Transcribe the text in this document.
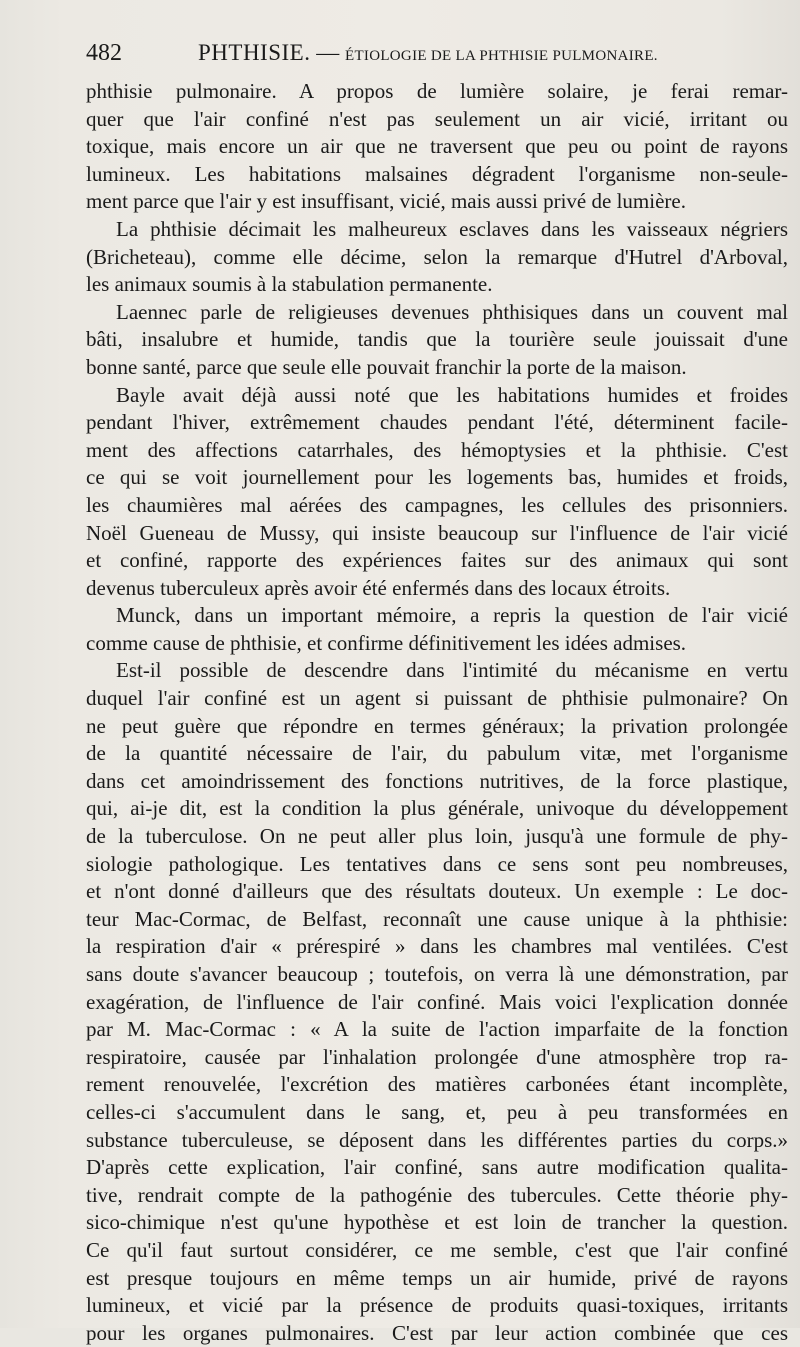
482	PHTHISIE. — ÉTIOLOGIE DE LA PHTHISIE PULMONAIRE.
phthisie pulmonaire. A propos de lumière solaire, je ferai remar-
quer que l'air confiné n'est pas seulement un air vicié, irritant ou
toxique, mais encore un air que ne traversent que peu ou point de rayons
lumineux. Les habitations malsaines dégradent l'organisme non-seule-
ment parce que l'air y est insuffisant, vicié, mais aussi privé de lumière.
La phthisie décimait les malheureux esclaves dans les vaisseaux négriers
(Bricheteau), comme elle décime, selon la remarque d'Hutrel d'Arboval,
les animaux soumis à la stabulation permanente.
Laennec parle de religieuses devenues phthisiques dans un couvent mal
bâti, insalubre et humide, tandis que la tourière seule jouissait d'une
bonne santé, parce que seule elle pouvait franchir la porte de la maison.
Bayle avait déjà aussi noté que les habitations humides et froides
pendant l'hiver, extrêmement chaudes pendant l'été, déterminent facile-
ment des affections catarrhales, des hémoptysies et la phthisie. C'est
ce qui se voit journellement pour les logements bas, humides et froids,
les chaumières mal aérées des campagnes, les cellules des prisonniers.
Noël Gueneau de Mussy, qui insiste beaucoup sur l'influence de l'air vicié
et confiné, rapporte des expériences faites sur des animaux qui sont
devenus tuberculeux après avoir été enfermés dans des locaux étroits.
Munck, dans un important mémoire, a repris la question de l'air vicié
comme cause de phthisie, et confirme définitivement les idées admises.
Est-il possible de descendre dans l'intimité du mécanisme en vertu
duquel l'air confiné est un agent si puissant de phthisie pulmonaire? On
ne peut guère que répondre en termes généraux; la privation prolongée
de la quantité nécessaire de l'air, du pabulum vitæ, met l'organisme
dans cet amoindrissement des fonctions nutritives, de la force plastique,
qui, ai-je dit, est la condition la plus générale, univoque du développement
de la tuberculose. On ne peut aller plus loin, jusqu'à une formule de phy-
siologie pathologique. Les tentatives dans ce sens sont peu nombreuses,
et n'ont donné d'ailleurs que des résultats douteux. Un exemple : Le doc-
teur Mac-Cormac, de Belfast, reconnaît une cause unique à la phthisie:
la respiration d'air « prérespiré » dans les chambres mal ventilées. C'est
sans doute s'avancer beaucoup ; toutefois, on verra là une démonstration, par
exagération, de l'influence de l'air confiné. Mais voici l'explication donnée
par M. Mac-Cormac : « A la suite de l'action imparfaite de la fonction
respiratoire, causée par l'inhalation prolongée d'une atmosphère trop ra-
rement renouvelée, l'excrétion des matières carbonées étant incomplète,
celles-ci s'accumulent dans le sang, et, peu à peu transformées en
substance tuberculeuse, se déposent dans les différentes parties du corps.»
D'après cette explication, l'air confiné, sans autre modification qualita-
tive, rendrait compte de la pathogénie des tubercules. Cette théorie phy-
sico-chimique n'est qu'une hypothèse et est loin de trancher la question.
Ce qu'il faut surtout considérer, ce me semble, c'est que l'air confiné
est presque toujours en même temps un air humide, privé de rayons
lumineux, et vicié par la présence de produits quasi-toxiques, irritants
pour les organes pulmonaires. C'est par leur action combinée que ces
